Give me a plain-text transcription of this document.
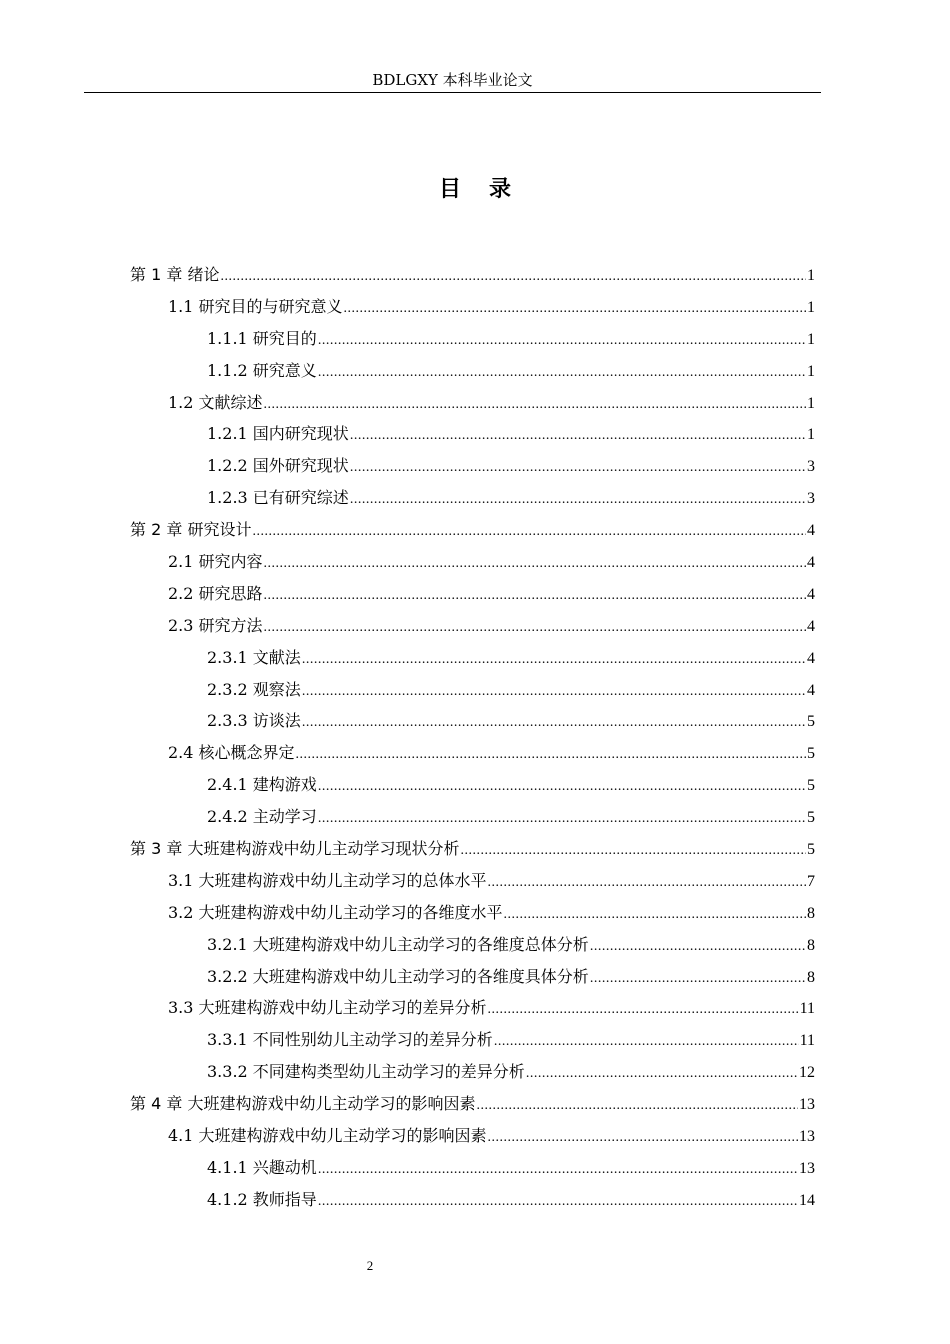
BDLGXY 本科毕业论文
目 录
第 1 章 绪论 .....	1
1.1 研究目的与研究意义 .....	1
1.1.1 研究目的 .....	1
1.1.2 研究意义 .....	1
1.2 文献综述 .....	1
1.2.1 国内研究现状 .....	1
1.2.2 国外研究现状 .....	3
1.2.3 已有研究综述 .....	3
第 2 章 研究设计 .....	4
2.1 研究内容 .....	4
2.2 研究思路 .....	4
2.3 研究方法 .....	4
2.3.1 文献法 .....	4
2.3.2 观察法 .....	4
2.3.3 访谈法 .....	5
2.4 核心概念界定 .....	5
2.4.1 建构游戏 .....	5
2.4.2 主动学习 .....	5
第 3 章 大班建构游戏中幼儿主动学习现状分析 .....	5
3.1 大班建构游戏中幼儿主动学习的总体水平 .....	7
3.2 大班建构游戏中幼儿主动学习的各维度水平 .....	8
3.2.1 大班建构游戏中幼儿主动学习的各维度总体分析 .....	8
3.2.2 大班建构游戏中幼儿主动学习的各维度具体分析 .....	8
3.3 大班建构游戏中幼儿主动学习的差异分析 .....	11
3.3.1 不同性别幼儿主动学习的差异分析 .....	11
3.3.2 不同建构类型幼儿主动学习的差异分析 .....	12
第 4 章 大班建构游戏中幼儿主动学习的影响因素 .....	13
4.1 大班建构游戏中幼儿主动学习的影响因素 .....	13
4.1.1 兴趣动机 .....	13
4.1.2 教师指导 .....	14
2
